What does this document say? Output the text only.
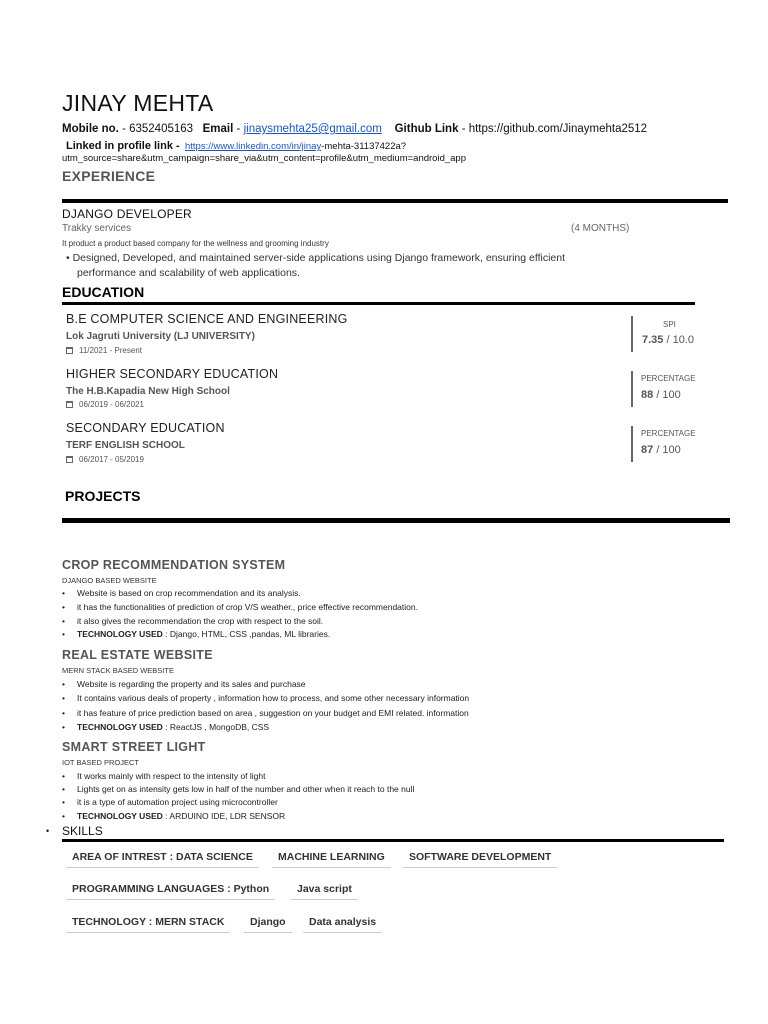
JINAY MEHTA
Mobile no. - 6352405163 Email - jinaysmehta25@gmail.com Github Link - https://github.com/Jinaymehta2512
Linked in profile link - https://www.linkedin.com/in/jinay-mehta-31137422a?
utm_source=share&utm_campaign=share_via&utm_content=profile&utm_medium=android_app
EXPERIENCE
DJANGO DEVELOPER
Trakky services	(4 MONTHS)
It product a product based company for the wellness and grooming industry
• Designed, Developed, and maintained server-side applications using Django framework, ensuring efficient
performance and scalability of web applications.
EDUCATION
B.E COMPUTER SCIENCE AND ENGINEERING
Lok Jagruti University (LJ UNIVERSITY)
11/2021 - Present
SPI
7.35 / 10.0
HIGHER SECONDARY EDUCATION
The H.B.Kapadia New High School
06/2019 - 06/2021
PERCENTAGE
88 / 100
SECONDARY EDUCATION
TERF ENGLISH SCHOOL
06/2017 - 05/2019
PERCENTAGE
87 / 100
PROJECTS
CROP RECOMMENDATION SYSTEM
DJANGO BASED WEBSITE
• Website is based on crop recommendation and its analysis.
• it has the functionalities of prediction of crop V/S weather., price effective recommendation.
• it also gives the recommendation the crop with respect to the soil.
• TECHNOLOGY USED : Django, HTML, CSS ,pandas, ML libraries.
REAL ESTATE WEBSITE
MERN STACK BASED WEBSITE
• Website is regarding the property and its sales and purchase
• It contains various deals of property , information how to process, and some other necessary information
• it has feature of price prediction based on area , suggestion on your budget and EMI related. information
• TECHNOLOGY USED : ReactJS , MongoDB, CSS
SMART STREET LIGHT
IOT BASED PROJECT
• It works mainly with respect to the intensity of light
• Lights get on as intensity gets low in half of the number and other when it reach to the null
• it is a type of automation project using microcontroller
• TECHNOLOGY USED : ARDUINO IDE, LDR SENSOR
• SKILLS
AREA OF INTREST : DATA SCIENCE	MACHINE LEARNING	SOFTWARE DEVELOPMENT
PROGRAMMING LANGUAGES : Python	Java script
TECHNOLOGY : MERN STACK	Django	Data analysis
